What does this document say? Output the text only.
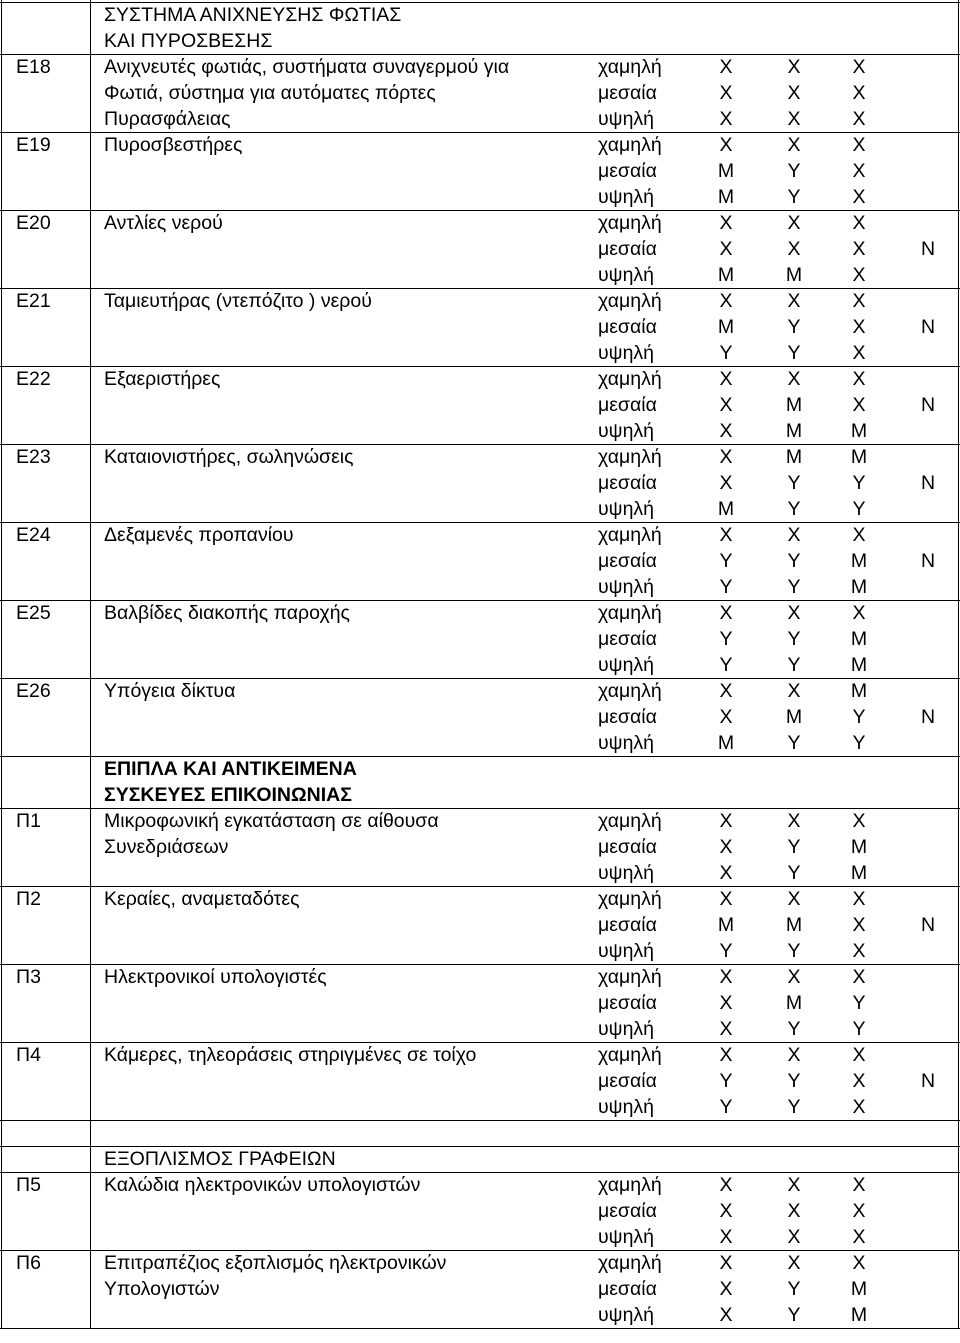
ΣΥΣΤΗΜΑ ΑΝΙΧΝΕΥΣΗΣ ΦΩΤΙΑΣ
ΚΑΙ ΠΥΡΟΣΒΕΣΗΣ
Ε18	Ανιχνευτές φωτιάς, συστήματα συναγερμού για
Φωτιά, σύστημα για αυτόματες πόρτες
Πυρασφάλειας
χαμηλή	X	X	X
μεσαία	X	X	X
υψηλή	X	X	X
Ε19	Πυροσβεστήρες	χαμηλή	X	X	X
μεσαία	M	Y	X
υψηλή	M	Y	X
Ε20	Αντλίες νερού	χαμηλή	X	X	X
μεσαία	X	X	X	N
υψηλή	M	M	X
Ε21	Ταμιευτήρας (ντεπόζιτο ) νερού	χαμηλή	X	X	X
μεσαία	M	Y	X	N
υψηλή	Y	Y	X
Ε22	Εξαεριστήρες	χαμηλή	X	X	X
μεσαία	X	M	X	N
υψηλή	X	M	M
Ε23	Καταιονιστήρες, σωληνώσεις	χαμηλή	X	M	M
μεσαία	X	Y	Y	N
υψηλή	M	Y	Y
Ε24	Δεξαμενές προπανίου	χαμηλή	X	X	X
μεσαία	Y	Y	M	N
υψηλή	Y	Y	M
Ε25	Βαλβίδες διακοπής παροχής	χαμηλή	X	X	X
μεσαία	Y	Y	M
υψηλή	Y	Y	M
Ε26	Υπόγεια δίκτυα	χαμηλή	X	X	M
μεσαία	X	M	Y	N
υψηλή	M	Y	Y
ΕΠΙΠΛΑ ΚΑΙ ΑΝΤΙΚΕΙΜΕΝΑ
ΣΥΣΚΕΥΕΣ ΕΠΙΚΟΙΝΩΝΙΑΣ
Π1	Μικροφωνική εγκατάσταση σε αίθουσα
Συνεδριάσεων
χαμηλή	X	X	X
μεσαία	X	Y	M
υψηλή	X	Y	M
Π2	Κεραίες, αναμεταδότες	χαμηλή	X	X	X
μεσαία	M	M	X	N
υψηλή	Y	Y	X
Π3	Ηλεκτρονικοί υπολογιστές	χαμηλή	X	X	X
μεσαία	X	M	Y
υψηλή	X	Y	Y
Π4	Κάμερες, τηλεοράσεις στηριγμένες σε τοίχο	χαμηλή	X	X	X
μεσαία	Y	Y	X	N
υψηλή	Y	Y	X
ΕΞΟΠΛΙΣΜΟΣ ΓΡΑΦΕΙΩΝ
Π5	Καλώδια ηλεκτρονικών υπολογιστών	χαμηλή	X	X	X
μεσαία	X	X	X
υψηλή	X	X	X
Π6	Επιτραπέζιος εξοπλισμός ηλεκτρονικών
Υπολογιστών
χαμηλή	X	X	X
μεσαία	X	Y	M
υψηλή	X	Y	M
